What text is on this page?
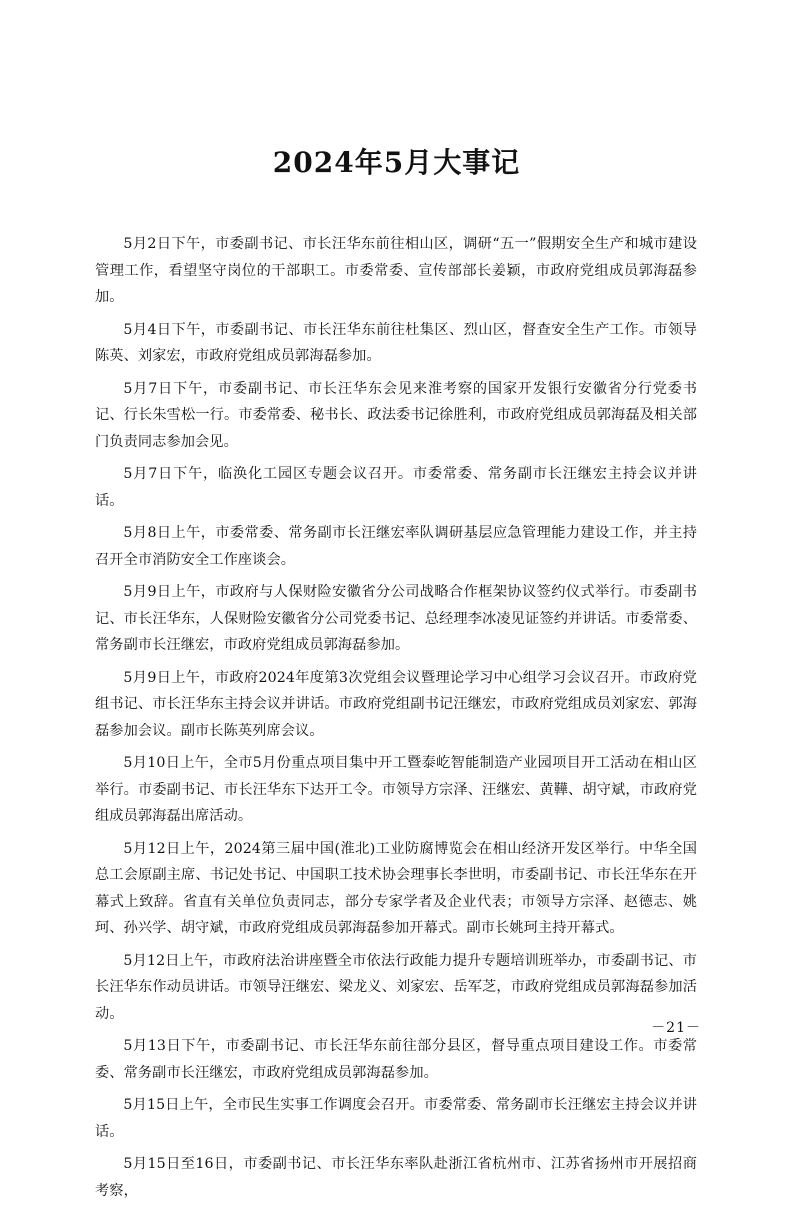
2024年5月大事记

5月2日下午，市委副书记、市长汪华东前往相山区，调研“五一”假期安全生产和城市建设管理工作，看望坚守岗位的干部职工。市委常委、宣传部部长姜颖，市政府党组成员郭海磊参加。

5月4日下午，市委副书记、市长汪华东前往杜集区、烈山区，督查安全生产工作。市领导陈英、刘家宏，市政府党组成员郭海磊参加。

5月7日下午，市委副书记、市长汪华东会见来淮考察的国家开发银行安徽省分行党委书记、行长朱雪松一行。市委常委、秘书长、政法委书记徐胜利，市政府党组成员郭海磊及相关部门负责同志参加会见。

5月7日下午，临涣化工园区专题会议召开。市委常委、常务副市长汪继宏主持会议并讲话。

5月8日上午，市委常委、常务副市长汪继宏率队调研基层应急管理能力建设工作，并主持召开全市消防安全工作座谈会。

5月9日上午，市政府与人保财险安徽省分公司战略合作框架协议签约仪式举行。市委副书记、市长汪华东，人保财险安徽省分公司党委书记、总经理李冰凌见证签约并讲话。市委常委、常务副市长汪继宏，市政府党组成员郭海磊参加。

5月9日上午，市政府2024年度第3次党组会议暨理论学习中心组学习会议召开。市政府党组书记、市长汪华东主持会议并讲话。市政府党组副书记汪继宏，市政府党组成员刘家宏、郭海磊参加会议。副市长陈英列席会议。

5月10日上午，全市5月份重点项目集中开工暨泰屹智能制造产业园项目开工活动在相山区举行。市委副书记、市长汪华东下达开工令。市领导方宗泽、汪继宏、黄鞾、胡守斌，市政府党组成员郭海磊出席活动。

5月12日上午，2024第三届中国(淮北)工业防腐博览会在相山经济开发区举行。中华全国总工会原副主席、书记处书记、中国职工技术协会理事长李世明，市委副书记、市长汪华东在开幕式上致辞。省直有关单位负责同志，部分专家学者及企业代表；市领导方宗泽、赵德志、姚珂、孙兴学、胡守斌，市政府党组成员郭海磊参加开幕式。副市长姚珂主持开幕式。

5月12日上午，市政府法治讲座暨全市依法行政能力提升专题培训班举办，市委副书记、市长汪华东作动员讲话。市领导汪继宏、梁龙义、刘家宏、岳军芝，市政府党组成员郭海磊参加活动。

5月13日下午，市委副书记、市长汪华东前往部分县区，督导重点项目建设工作。市委常委、常务副市长汪继宏，市政府党组成员郭海磊参加。

5月15日上午，全市民生实事工作调度会召开。市委常委、常务副市长汪继宏主持会议并讲话。

5月15日至16日，市委副书记、市长汪华东率队赴浙江省杭州市、江苏省扬州市开展招商考察，

－21－
